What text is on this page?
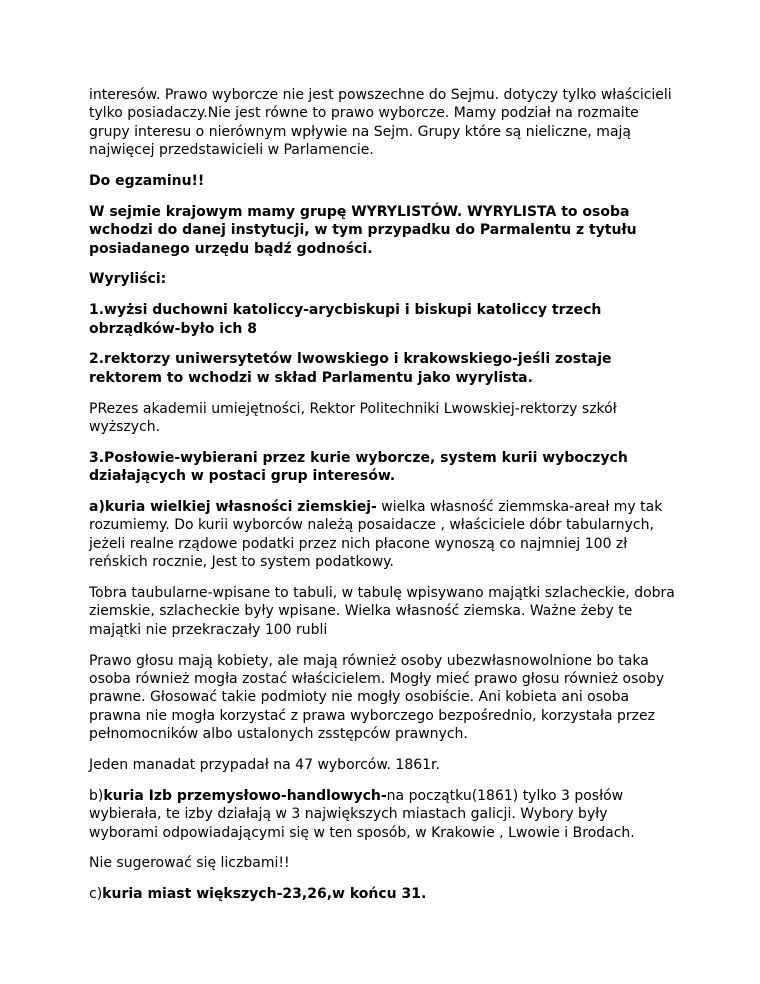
interesów. Prawo wyborcze nie jest powszechne do Sejmu. dotyczy tylko właścicieli tylko posiadaczy.Nie jest równe to prawo wyborcze. Mamy podział na rozmaite grupy interesu o nierównym wpływie na Sejm. Grupy które są nieliczne, mają najwięcej przedstawicieli w Parlamencie.

Do egzaminu!!

W sejmie krajowym mamy grupę WYRYLISTÓW. WYRYLISTA to osoba wchodzi do danej instytucji, w tym przypadku do Parmalentu z tytułu posiadanego urzędu bądź godności.

Wyryliści:

1.wyżsi duchowni katoliccy-arycbiskupi i biskupi katoliccy trzech obrządków-było ich 8

2.rektorzy uniwersytetów lwowskiego i krakowskiego-jeśli zostaje rektorem to wchodzi w skład Parlamentu jako wyrylista.

PRezes akademii umiejętności, Rektor Politechniki Lwowskiej-rektorzy szkół wyższych.

3.Posłowie-wybierani przez kurie wyborcze, system kurii wyboczych działających w postaci grup interesów.

a)kuria wielkiej własności ziemskiej- wielka własność ziemmska-areał my tak rozumiemy. Do kurii wyborców należą posaidacze , właściciele dóbr tabularnych, jeżeli realne rządowe podatki przez nich płacone wynoszą co najmniej 100 zł reńskich rocznie, Jest to system podatkowy.

Tobra taubularne-wpisane to tabuli, w tabulę wpisywano majątki szlacheckie, dobra ziemskie, szlacheckie były wpisane. Wielka własność ziemska. Ważne żeby te majątki nie przekraczały 100 rubli

Prawo głosu mają kobiety, ale mają również osoby ubezwłasnowolnione bo taka osoba również mogła zostać właścicielem. Mogły mieć prawo głosu również osoby prawne. Głosować takie podmioty nie mogły osobiście. Ani kobieta ani osoba prawna nie mogła korzystać z prawa wyborczego bezpośrednio, korzystała przez pełnomocników albo ustalonych zsstępców prawnych.

Jeden manadat przypadał na 47 wyborców. 1861r.

b)kuria Izb przemysłowo-handlowych-na początku(1861) tylko 3 posłów wybierała, te izby działają w 3 największych miastach galicji. Wybory były wyborami odpowiadającymi się w ten sposób, w Krakowie , Lwowie i Brodach.

Nie sugerować się liczbami!!

c)kuria miast większych-23,26,w końcu 31.
